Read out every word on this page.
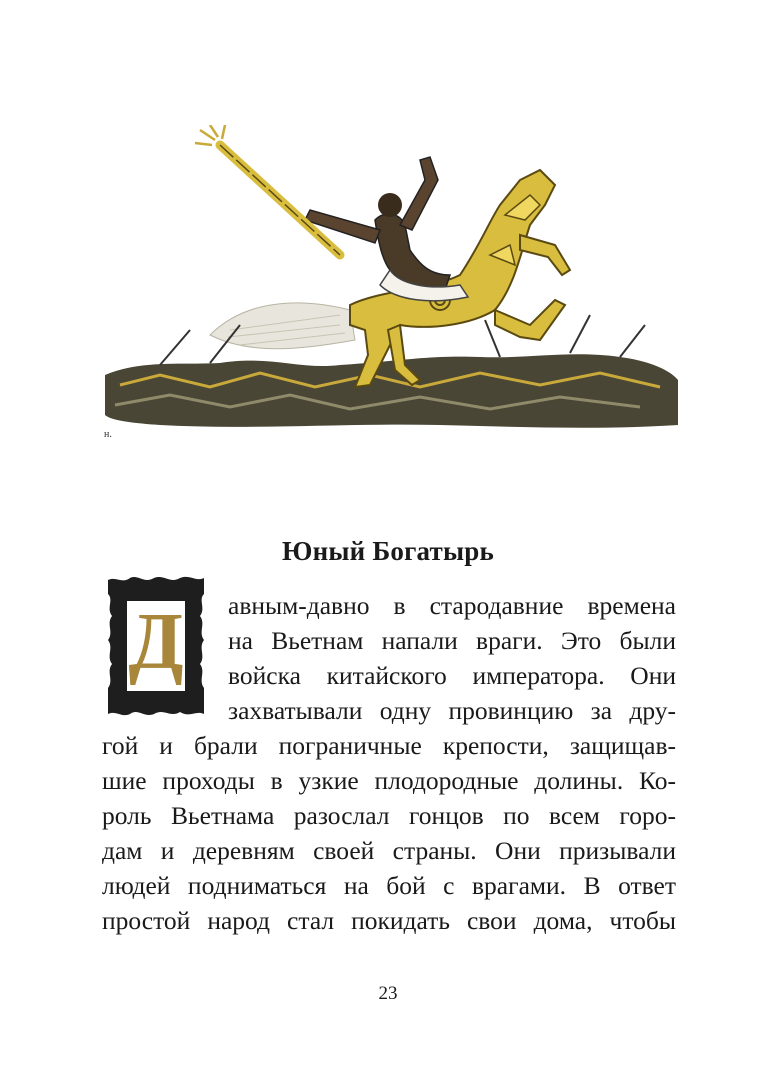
н.
Юный Богатырь
Д	авным-давно в стародавние времена
на Вьетнам напали враги. Это были
войска китайского императора. Они
захватывали одну провинцию за дру-
гой и брали пограничные крепости, защищав-
шие проходы в узкие плодородные долины. Ко-
роль Вьетнама разослал гонцов по всем горо-
дам и деревням своей страны. Они призывали
людей подниматься на бой с врагами. В ответ
простой народ стал покидать свои дома, чтобы
23
